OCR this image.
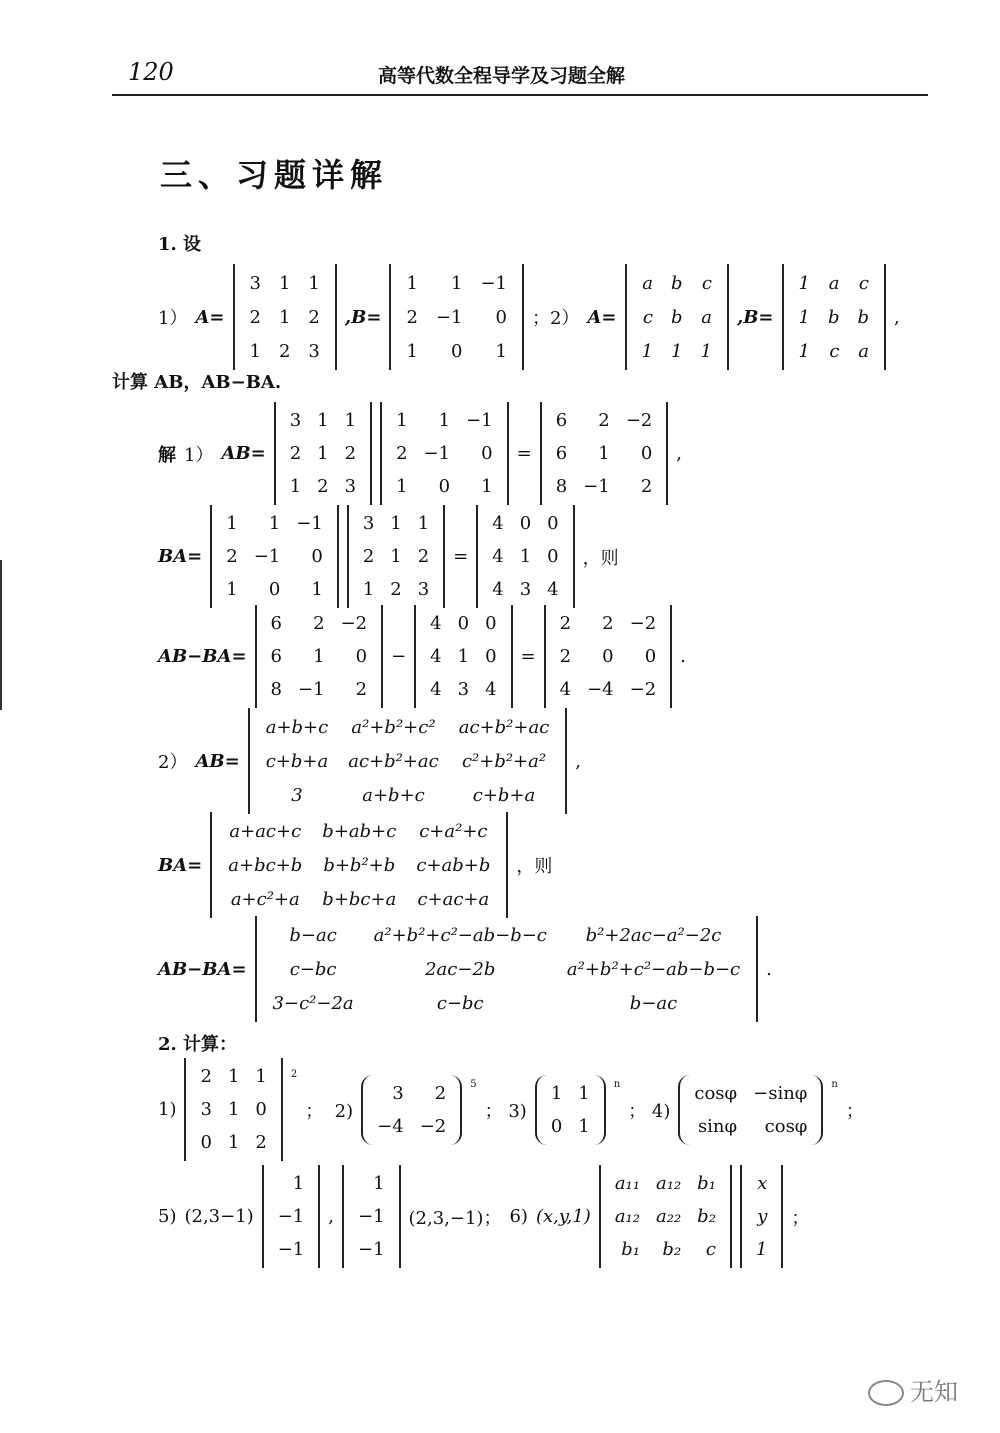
120	高等代数全程导学及习题全解
三、习题详解
1. 设
1） A=
3	1	1
2	1	2
1	2	3
,B=
1	1	−1
2	−1	0
1	0	1
；2） A=
a	b	c
c	b	a
1	1	1
,B=
1	a	c
1	b	b
1	c	a
,
计算 AB，AB−BA.
解 1） AB=
3	1	1
2	1	2
1	2	3
1	1	−1
2	−1	0
1	0	1
=
6	2	−2
6	1	0
8	−1	2
,
BA=
1	1	−1
2	−1	0
1	0	1
3	1	1
2	1	2
1	2	3
=
4	0	0
4	1	0
4	3	4
，则
AB−BA=
6	2	−2
6	1	0
8	−1	2
−
4	0	0
4	1	0
4	3	4
=
2	2	−2
2	0	0
4	−4	−2
.
2） AB=
a+b+c	a²+b²+c²	ac+b²+ac
c+b+a	ac+b²+ac	c²+b²+a²
3	a+b+c	c+b+a
,
BA=
a+ac+c	b+ab+c	c+a²+c
a+bc+b	b+b²+b	c+ab+b
a+c²+a	b+bc+a	c+ac+a
，则
AB−BA=
b−ac	a²+b²+c²−ab−b−c	b²+2ac−a²−2c
c−bc	2ac−2b	a²+b²+c²−ab−b−c
3−c²−2a	c−bc	b−ac
.
2. 计算：
1)
2	1	1
3	1	0
0	1	2
$^2$
；  2)
3	2
−4	−2
$^5$
； 3)
1	1
0	1
$^n$
； 4)
cosφ	−sinφ
sinφ	cosφ
$^n$
；
5) (2,3−1)
1
−1
−1
,
1
−1
−1
(2,3,−1)； 6) (x,y,1)
a₁₁	a₁₂	b₁
a₁₂	a₂₂	b₂
b₁	b₂	c
x
y
1
；
无知
